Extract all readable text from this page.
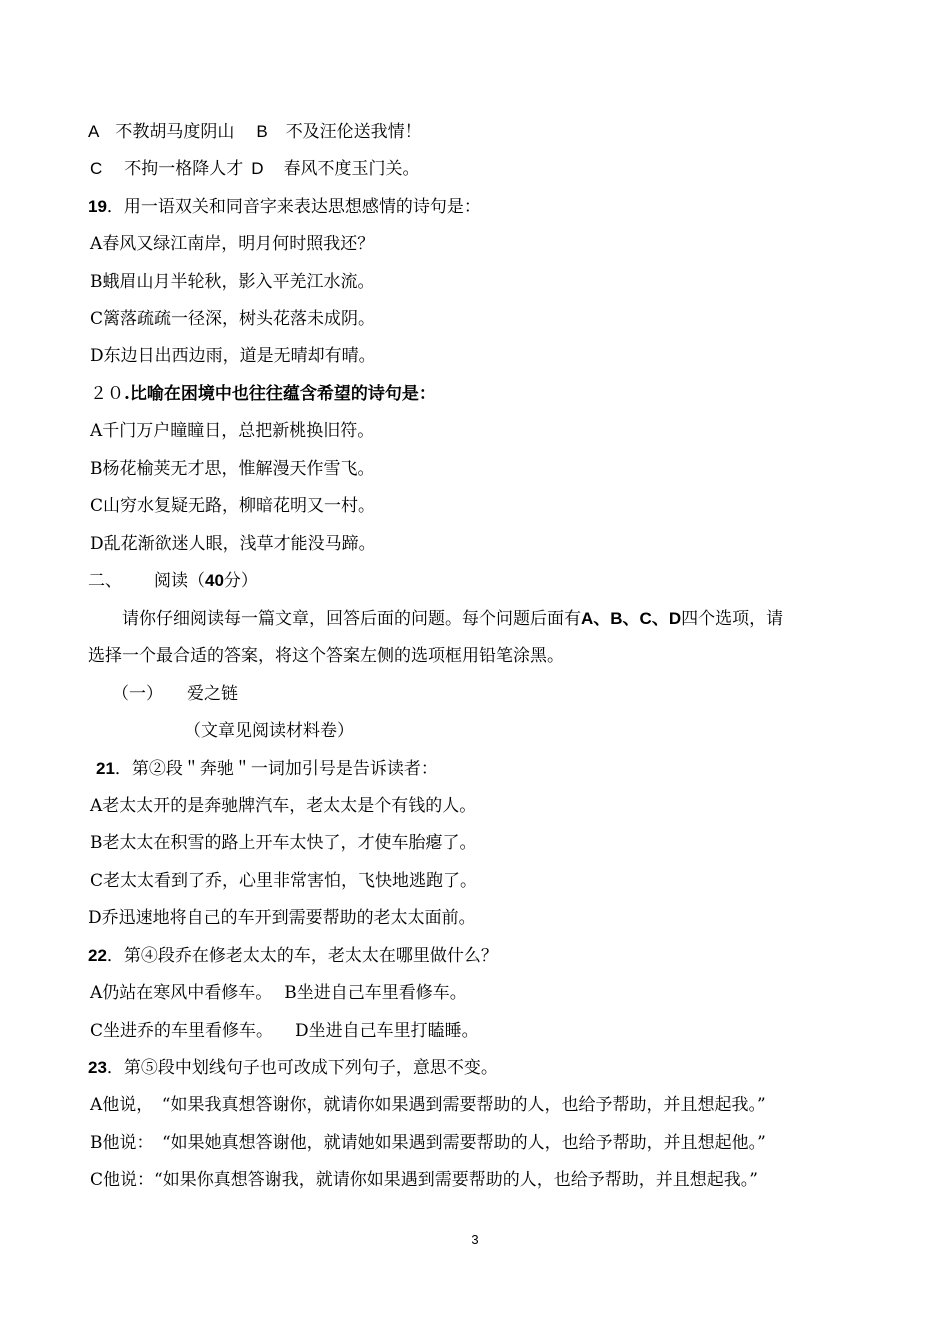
A 不教胡马度阴山 B 不及汪伦送我情！
C 不拘一格降人才 D 春风不度玉门关。
19．用一语双关和同音字来表达思想感情的诗句是：
A春风又绿江南岸，明月何时照我还？
B蛾眉山月半轮秋，影入平羌江水流。
C篱落疏疏一径深，树头花落未成阴。
D东边日出西边雨，道是无晴却有晴。
２０.比喻在困境中也往往蕴含希望的诗句是：
A千门万户瞳瞳日，总把新桃换旧符。
B杨花榆荚无才思，惟解漫天作雪飞。
C山穷水复疑无路，柳暗花明又一村。
D乱花渐欲迷人眼，浅草才能没马蹄。
二、 阅读（40分）
请你仔细阅读每一篇文章，回答后面的问题。每个问题后面有A、B、C、D四个选项，请
选择一个最合适的答案，将这个答案左侧的选项框用铅笔涂黑。
（一） 爱之链
（文章见阅读材料卷）
21．第②段＂奔驰＂一词加引号是告诉读者：
A老太太开的是奔驰牌汽车，老太太是个有钱的人。
B老太太在积雪的路上开车太快了，才使车胎瘪了。
C老太太看到了乔，心里非常害怕，飞快地逃跑了。
D乔迅速地将自己的车开到需要帮助的老太太面前。
22．第④段乔在修老太太的车，老太太在哪里做什么？
A仍站在寒风中看修车。 B坐进自己车里看修车。
C坐进乔的车里看修车。 D坐进自己车里打瞌睡。
23．第⑤段中划线句子也可改成下列句子，意思不变。
A他说，　“如果我真想答谢你，就请你如果遇到需要帮助的人，也给予帮助，并且想起我。”
B他说：　“如果她真想答谢他，就请她如果遇到需要帮助的人，也给予帮助，并且想起他。”
C他说：“如果你真想答谢我，就请你如果遇到需要帮助的人，也给予帮助，并且想起我。”
3
